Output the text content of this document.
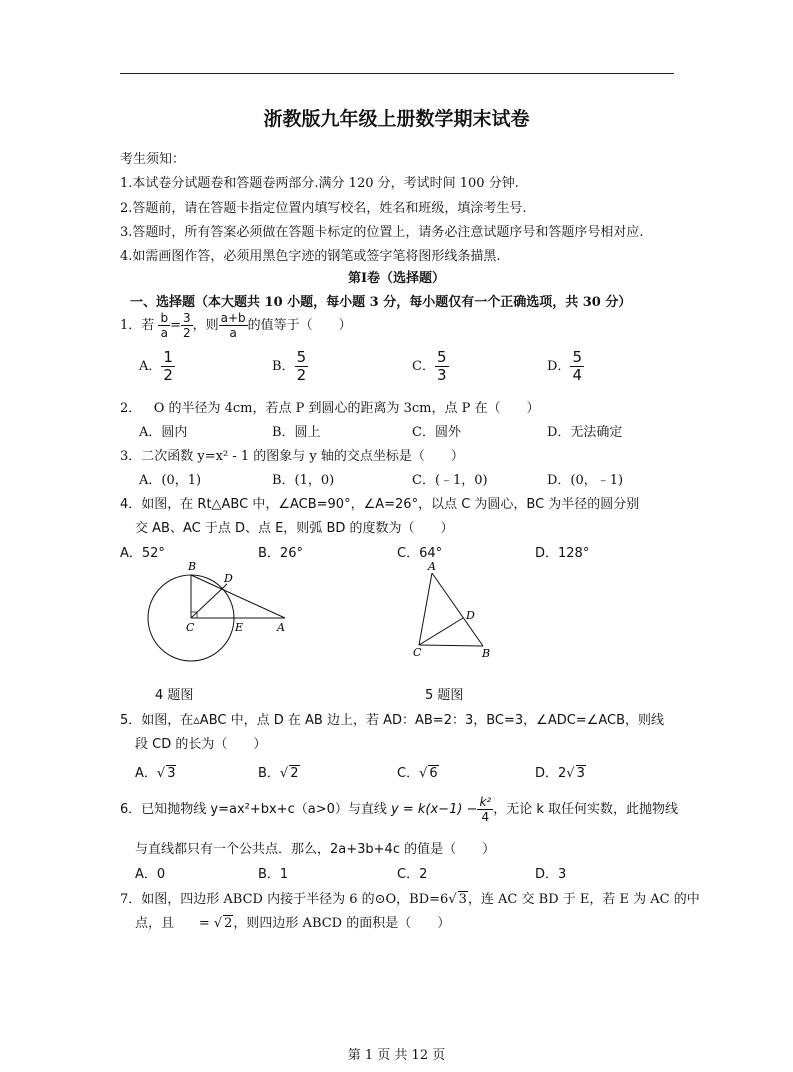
浙教版九年级上册数学期末试卷
考生须知：
1.本试卷分试题卷和答题卷两部分.满分 120 分，考试时间 100 分钟.
2.答题前，请在答题卡指定位置内填写校名，姓名和班级，填涂考生号.
3.答题时，所有答案必须做在答题卡标定的位置上，请务必注意试题序号和答题序号相对应.
4.如需画图作答，必须用黑色字迹的钢笔或签字笔将图形线条描黑.
第Ⅰ卷（选择题）
一、选择题（本大题共 10 小题，每小题 3 分，每小题仅有一个正确选项，共 30 分）
1．若 $\frac{b}{a} = \frac{3}{2}$ ，则 $\frac{a+b}{a}$ 的值等于（　　）
A． $\frac{1}{2}$	B． $\frac{5}{2}$	C． $\frac{5}{3}$	D． $\frac{5}{4}$
2． O 的半径为 4cm，若点 P 到圆心的距离为 3cm，点 P 在（　　）
A．圆内	B．圆上	C．圆外	D．无法确定
3．二次函数 y=x² - 1 的图象与 y 轴的交点坐标是（　　）
A．(0，1)	B．(1，0)	C．(﹣1，0)	D．(0，﹣1)
4．如图，在 Rt△ABC 中，∠ACB=90°，∠A=26°，以点 C 为圆心，BC 为半径的圆分别
交 AB、AC 于点 D、点 E，则弧 BD 的度数为（　　）
A．52°	B．26°	C．64°	D．128°
B
D
C	E	A
A
D
C	B
4 题图	5 题图
5．如图，在▵ABC 中，点 D 在 AB 边上，若 AD：AB=2：3，BC=3，∠ADC=∠ACB，则线
段 CD 的长为（　　）
A．√ 3	B．√ 2	C．√ 6	D．2√ 3
6．已知抛物线 y=ax²+bx+c（a>0）与直线 $y = k(x-1) - \frac{\text{k²}}{4}$ ，无论 k 取任何实数，此抛物线
与直线都只有一个公共点．那么，2a+3b+4c 的值是（　　）
A．0	B．1	C．2	D．3
7．如图，四边形 ABCD 内接于半径为 6 的⊙O，BD=6√ 3，连 AC 交 BD 于 E，若 E 为 AC 的中
点，且 = √ 2，则四边形 ABCD 的面积是（　　）
第 1 页 共 12 页
